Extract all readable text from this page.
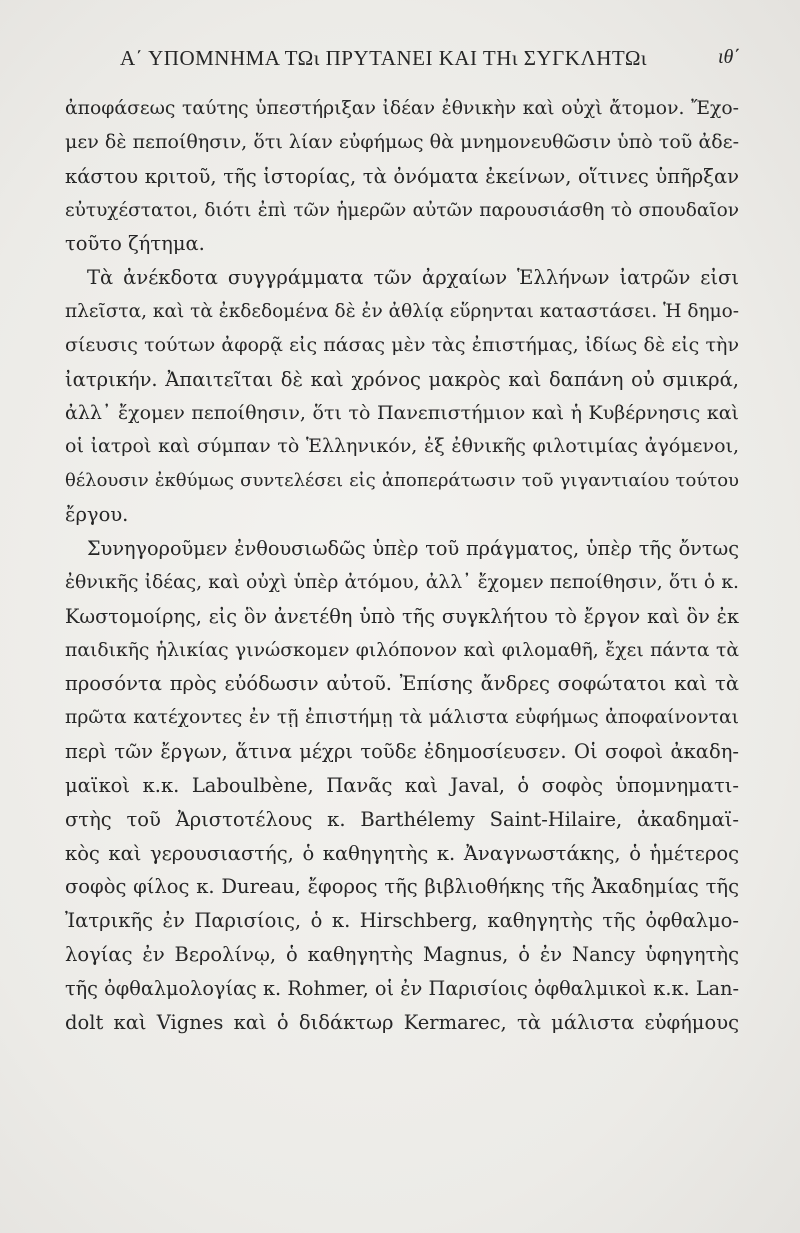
Α΄ ΥΠΟΜΝΗΜΑ ΤΩι ΠΡΥΤΑΝΕΙ ΚΑΙ ΤΗι ΣΥΓΚΛΗΤΩι	ιθ΄
ἀποφάσεως ταύτης ὑπεστήριξαν ἰδέαν ἐθνικὴν καὶ οὐχὶ ἄτομον. Ἔχο-
μεν δὲ πεποίθησιν, ὅτι λίαν εὐφήμως θὰ μνημονευθῶσιν ὑπὸ τοῦ ἀδε-
κάστου κριτοῦ, τῆς ἱστορίας, τὰ ὀνόματα ἐκείνων, οἵτινες ὑπῆρξαν
εὐτυχέστατοι, διότι ἐπὶ τῶν ἡμερῶν αὐτῶν παρουσιάσθη τὸ σπουδαῖον
τοῦτο ζήτημα.
Τὰ ἀνέκδοτα συγγράμματα τῶν ἀρχαίων Ἑλλήνων ἰατρῶν εἰσι
πλεῖστα, καὶ τὰ ἐκδεδομένα δὲ ἐν ἀθλίᾳ εὕρηνται καταστάσει. Ἡ δημο-
σίευσις τούτων ἀφορᾷ εἰς πάσας μὲν τὰς ἐπιστήμας, ἰδίως δὲ εἰς τὴν
ἰατρικήν. Ἀπαιτεῖται δὲ καὶ χρόνος μακρὸς καὶ δαπάνη οὐ σμικρά,
ἀλλ᾽ ἔχομεν πεποίθησιν, ὅτι τὸ Πανεπιστήμιον καὶ ἡ Κυβέρνησις καὶ
οἱ ἰατροὶ καὶ σύμπαν τὸ Ἑλληνικόν, ἐξ ἐθνικῆς φιλοτιμίας ἀγόμενοι,
θέλουσιν ἐκθύμως συντελέσει εἰς ἀποπεράτωσιν τοῦ γιγαντιαίου τούτου
ἔργου.
Συνηγοροῦμεν ἐνθουσιωδῶς ὑπὲρ τοῦ πράγματος, ὑπὲρ τῆς ὄντως
ἐθνικῆς ἰδέας, καὶ οὐχὶ ὑπὲρ ἀτόμου, ἀλλ᾽ ἔχομεν πεποίθησιν, ὅτι ὁ κ.
Κωστομοίρης, εἰς ὃν ἀνετέθη ὑπὸ τῆς συγκλήτου τὸ ἔργον καὶ ὃν ἐκ
παιδικῆς ἡλικίας γινώσκομεν φιλόπονον καὶ φιλομαθῆ, ἔχει πάντα τὰ
προσόντα πρὸς εὐόδωσιν αὐτοῦ. Ἐπίσης ἄνδρες σοφώτατοι καὶ τὰ
πρῶτα κατέχοντες ἐν τῇ ἐπιστήμῃ τὰ μάλιστα εὐφήμως ἀποφαίνονται
περὶ τῶν ἔργων, ἅτινα μέχρι τοῦδε ἐδημοσίευσεν. Οἱ σοφοὶ ἀκαδη-
μαϊκοὶ κ.κ. Laboulbène, Πανᾶς καὶ Javal, ὁ σοφὸς ὑπομνηματι-
στὴς τοῦ Ἀριστοτέλους κ. Barthélemy Saint-Hilaire, ἀκαδημαϊ-
κὸς καὶ γερουσιαστής, ὁ καθηγητὴς κ. Ἀναγνωστάκης, ὁ ἡμέτερος
σοφὸς φίλος κ. Dureau, ἔφορος τῆς βιβλιοθήκης τῆς Ἀκαδημίας τῆς
Ἰατρικῆς ἐν Παρισίοις, ὁ κ. Hirschberg, καθηγητὴς τῆς ὀφθαλμο-
λογίας ἐν Βερολίνῳ, ὁ καθηγητὴς Magnus, ὁ ἐν Nancy ὑφηγητὴς
τῆς ὀφθαλμολογίας κ. Rohmer, οἱ ἐν Παρισίοις ὀφθαλμικοὶ κ.κ. Lan-
dolt καὶ Vignes καὶ ὁ διδάκτωρ Kermarec, τὰ μάλιστα εὐφήμους
